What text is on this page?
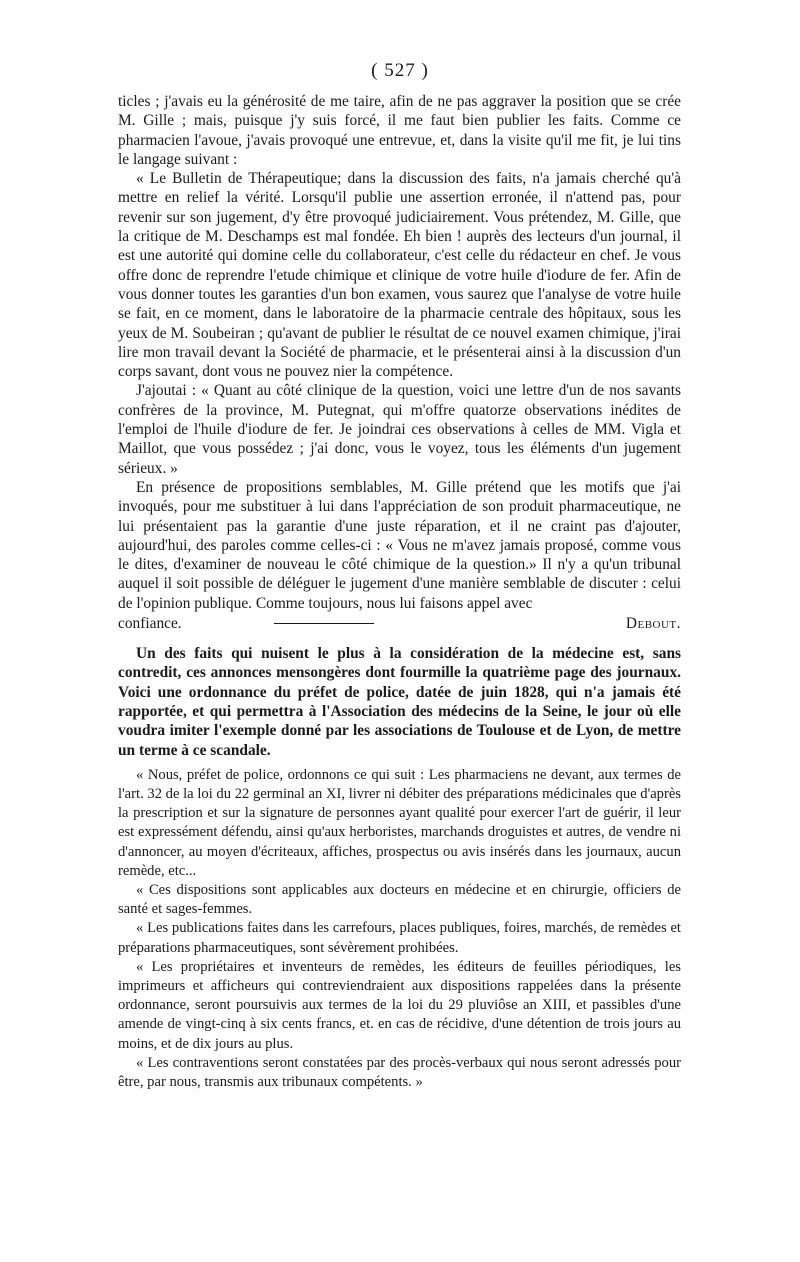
( 527 )

ticles ; j'avais eu la générosité de me taire, afin de ne pas aggraver la position que se crée M. Gille ; mais, puisque j'y suis forcé, il me faut bien publier les faits. Comme ce pharmacien l'avoue, j'avais provoqué une entrevue, et, dans la visite qu'il me fit, je lui tins le langage suivant :

« Le Bulletin de Thérapeutique; dans la discussion des faits, n'a jamais cherché qu'à mettre en relief la vérité. Lorsqu'il publie une assertion erronée, il n'attend pas, pour revenir sur son jugement, d'y être provoqué judiciairement. Vous prétendez, M. Gille, que la critique de M. Deschamps est mal fondée. Eh bien ! auprès des lecteurs d'un journal, il est une autorité qui domine celle du collaborateur, c'est celle du rédacteur en chef. Je vous offre donc de reprendre l'etude chimique et clinique de votre huile d'iodure de fer. Afin de vous donner toutes les garanties d'un bon examen, vous saurez que l'analyse de votre huile se fait, en ce moment, dans le laboratoire de la pharmacie centrale des hôpitaux, sous les yeux de M. Soubeiran ; qu'avant de publier le résultat de ce nouvel examen chimique, j'irai lire mon travail devant la Société de pharmacie, et le présenterai ainsi à la discussion d'un corps savant, dont vous ne pouvez nier la compétence.

J'ajoutai : « Quant au côté clinique de la question, voici une lettre d'un de nos savants confrères de la province, M. Putegnat, qui m'offre quatorze observations inédites de l'emploi de l'huile d'iodure de fer. Je joindrai ces observations à celles de MM. Vigla et Maillot, que vous possédez ; j'ai donc, vous le voyez, tous les éléments d'un jugement sérieux. »

En présence de propositions semblables, M. Gille prétend que les motifs que j'ai invoqués, pour me substituer à lui dans l'appréciation de son produit pharmaceutique, ne lui présentaient pas la garantie d'une juste réparation, et il ne craint pas d'ajouter, aujourd'hui, des paroles comme celles-ci : « Vous ne m'avez jamais proposé, comme vous le dites, d'examiner de nouveau le côté chimique de la question.» Il n'y a qu'un tribunal auquel il soit possible de déléguer le jugement d'une manière semblable de discuter : celui de l'opinion publique. Comme toujours, nous lui faisons appel avec

confiance.	Debout.

Un des faits qui nuisent le plus à la considération de la médecine est, sans contredit, ces annonces mensongères dont fourmille la quatrième page des journaux. Voici une ordonnance du préfet de police, datée de juin 1828, qui n'a jamais été rapportée, et qui permettra à l'Association des médecins de la Seine, le jour où elle voudra imiter l'exemple donné par les associations de Toulouse et de Lyon, de mettre un terme à ce scandale.

« Nous, préfet de police, ordonnons ce qui suit : Les pharmaciens ne devant, aux termes de l'art. 32 de la loi du 22 germinal an XI, livrer ni débiter des préparations médicinales que d'après la prescription et sur la signature de personnes ayant qualité pour exercer l'art de guérir, il leur est expressément défendu, ainsi qu'aux herboristes, marchands droguistes et autres, de vendre ni d'annoncer, au moyen d'écriteaux, affiches, prospectus ou avis insérés dans les journaux, aucun remède, etc...

« Ces dispositions sont applicables aux docteurs en médecine et en chirurgie, officiers de santé et sages-femmes.

« Les publications faites dans les carrefours, places publiques, foires, marchés, de remèdes et préparations pharmaceutiques, sont sévèrement prohibées.

« Les propriétaires et inventeurs de remèdes, les éditeurs de feuilles périodiques, les imprimeurs et afficheurs qui contreviendraient aux dispositions rappelées dans la présente ordonnance, seront poursuivis aux termes de la loi du 29 pluviôse an XIII, et passibles d'une amende de vingt-cinq à six cents francs, et. en cas de récidive, d'une détention de trois jours au moins, et de dix jours au plus.

« Les contraventions seront constatées par des procès-verbaux qui nous seront adressés pour être, par nous, transmis aux tribunaux compétents. »
